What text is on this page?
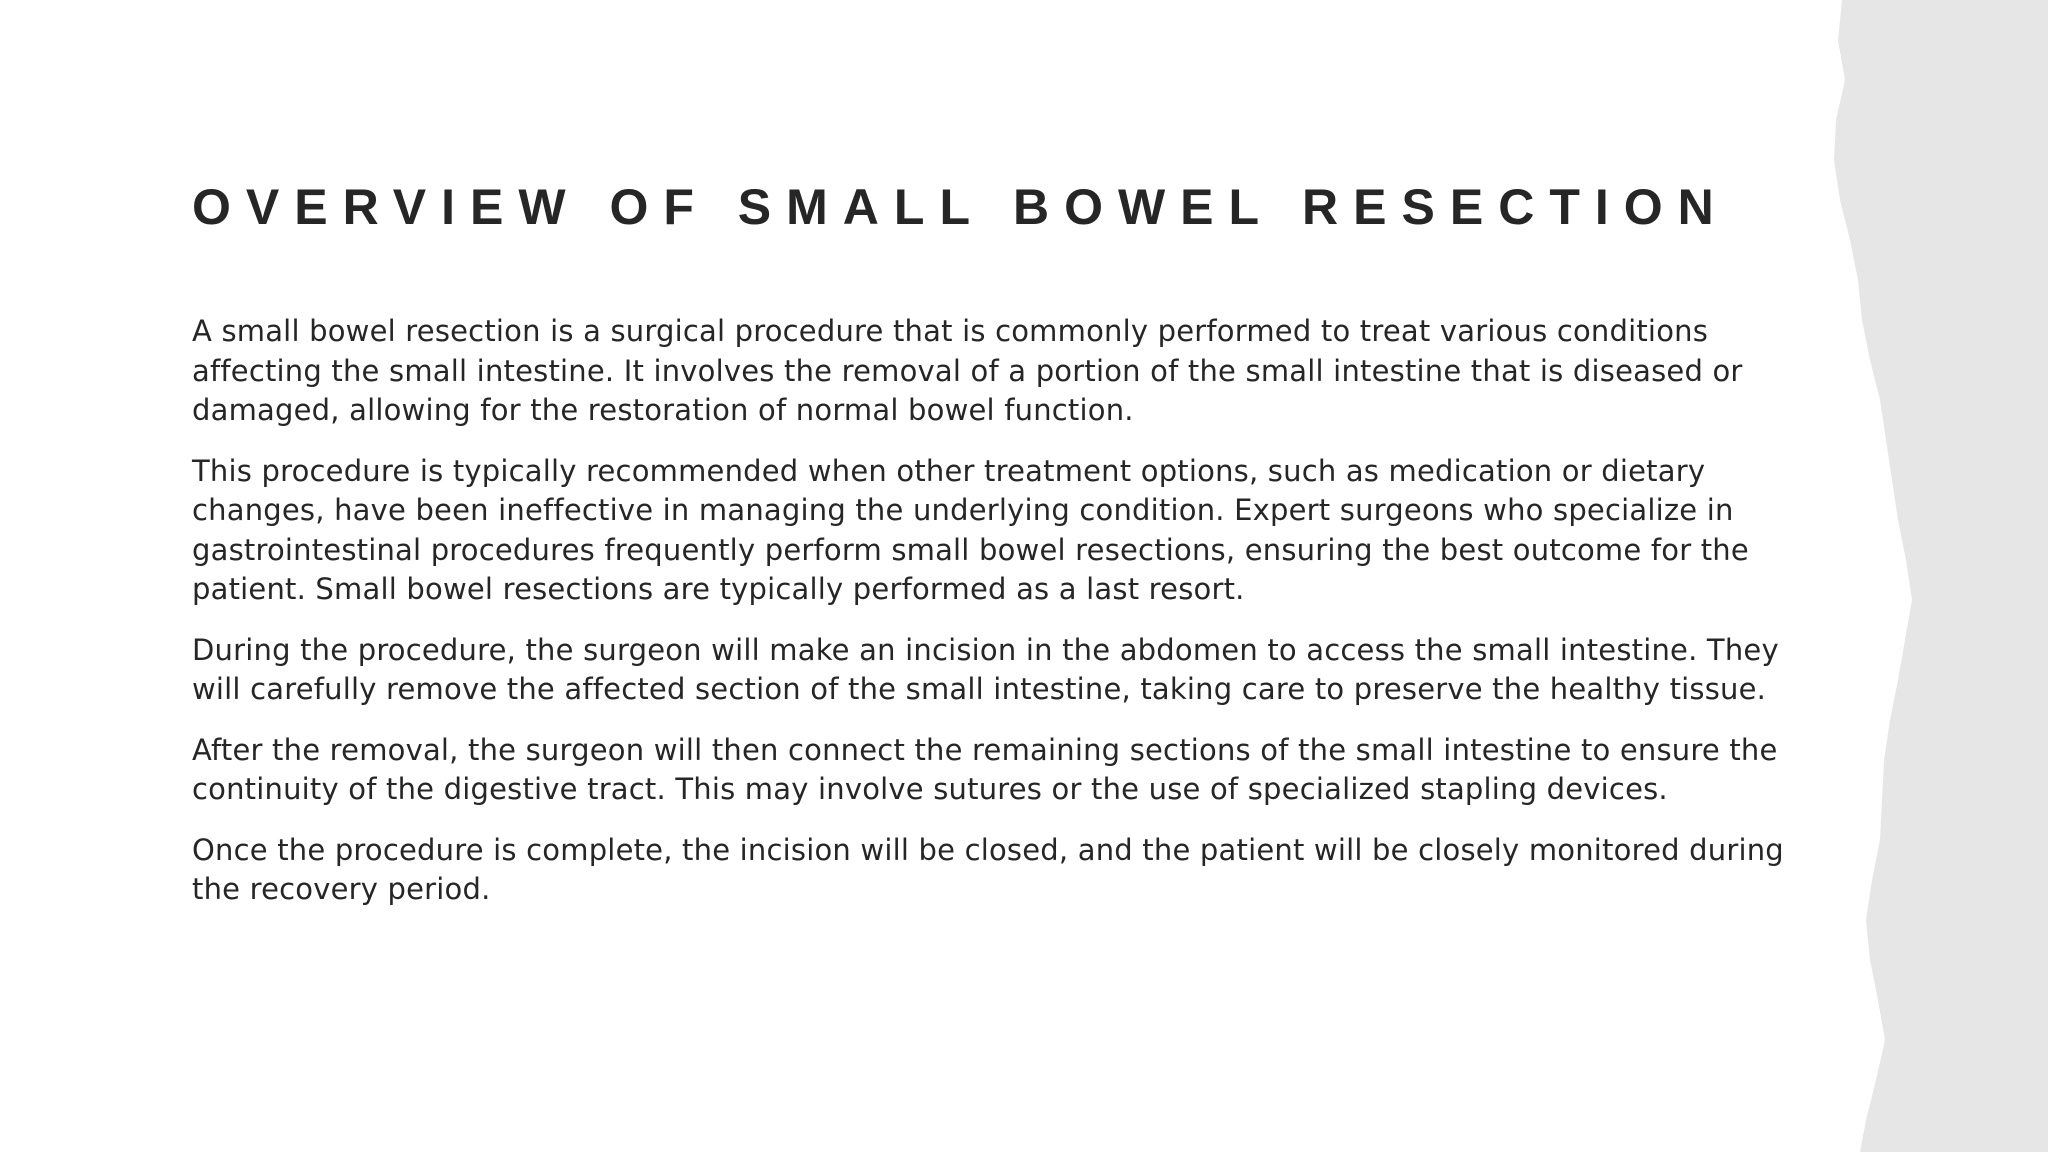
OVERVIEW OF SMALL BOWEL RESECTION

A small bowel resection is a surgical procedure that is commonly performed to treat various conditions affecting the small intestine. It involves the removal of a portion of the small intestine that is diseased or damaged, allowing for the restoration of normal bowel function.

This procedure is typically recommended when other treatment options, such as medication or dietary changes, have been ineffective in managing the underlying condition. Expert surgeons who specialize in gastrointestinal procedures frequently perform small bowel resections, ensuring the best outcome for the patient. Small bowel resections are typically performed as a last resort.

During the procedure, the surgeon will make an incision in the abdomen to access the small intestine. They will carefully remove the affected section of the small intestine, taking care to preserve the healthy tissue.

After the removal, the surgeon will then connect the remaining sections of the small intestine to ensure the continuity of the digestive tract. This may involve sutures or the use of specialized stapling devices.

Once the procedure is complete, the incision will be closed, and the patient will be closely monitored during the recovery period.
